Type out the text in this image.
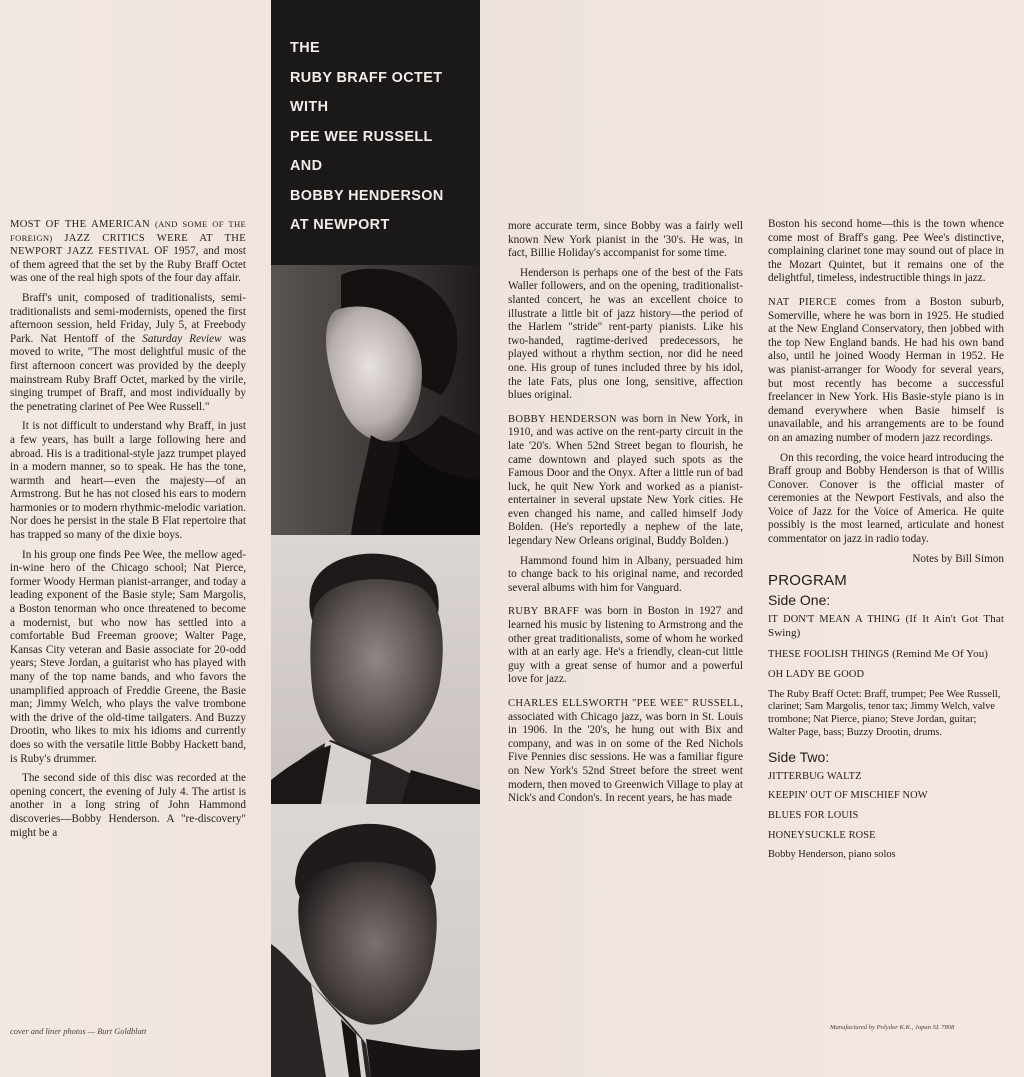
MOST OF THE AMERICAN (AND SOME OF THE FOREIGN) JAZZ CRITICS WERE AT THE NEWPORT JAZZ FESTIVAL OF 1957, and most of them agreed that the set by the Ruby Braff Octet was one of the real high spots of the four day affair.

Braff's unit, composed of traditionalists, semi-traditionalists and semi-modernists, opened the first afternoon session, held Friday, July 5, at Freebody Park. Nat Hentoff of the Saturday Review was moved to write, "The most delightful music of the first afternoon concert was provided by the deeply mainstream Ruby Braff Octet, marked by the virile, singing trumpet of Braff, and most individually by the penetrating clarinet of Pee Wee Russell."

It is not difficult to understand why Braff, in just a few years, has built a large following here and abroad. His is a traditional-style jazz trumpet played in a modern manner, so to speak. He has the tone, warmth and heart—even the majesty—of an Armstrong. But he has not closed his ears to modern harmonies or to modern rhythmic-melodic variation. Nor does he persist in the stale B Flat repertoire that has trapped so many of the dixie boys.

In his group one finds Pee Wee, the mellow aged-in-wine hero of the Chicago school; Nat Pierce, former Woody Herman pianist-arranger, and today a leading exponent of the Basie style; Sam Margolis, a Boston tenorman who once threatened to become a modernist, but who now has settled into a comfortable Bud Freeman groove; Walter Page, Kansas City veteran and Basie associate for 20-odd years; Steve Jordan, a guitarist who has played with many of the top name bands, and who favors the unamplified approach of Freddie Greene, the Basie man; Jimmy Welch, who plays the valve trombone with the drive of the old-time tailgaters. And Buzzy Drootin, who likes to mix his idioms and currently does so with the versatile little Bobby Hackett band, is Ruby's drummer.

The second side of this disc was recorded at the opening concert, the evening of July 4. The artist is another in a long string of John Hammond discoveries—Bobby Henderson. A "re-discovery" might be a

THE
RUBY BRAFF OCTET
WITH
PEE WEE RUSSELL
AND
BOBBY HENDERSON
AT NEWPORT	more accurate term, since Bobby was a fairly well known New York pianist in the '30's. He was, in fact, Billie Holiday's accompanist for some time.

Henderson is perhaps one of the best of the Fats Waller followers, and on the opening, traditionalist-slanted concert, he was an excellent choice to illustrate a little bit of jazz history—the period of the Harlem "stride" rent-party pianists. Like his two-handed, ragtime-derived predecessors, he played without a rhythm section, nor did he need one. His group of tunes included three by his idol, the late Fats, plus one long, sensitive, affection blues original.

BOBBY HENDERSON was born in New York, in 1910, and was active on the rent-party circuit in the late '20's. When 52nd Street began to flourish, he came downtown and played such spots as the Famous Door and the Onyx. After a little run of bad luck, he quit New York and worked as a pianist-entertainer in several upstate New York cities. He even changed his name, and called himself Jody Bolden. (He's reportedly a nephew of the late, legendary New Orleans original, Buddy Bolden.)

Hammond found him in Albany, persuaded him to change back to his original name, and recorded several albums with him for Vanguard.

RUBY BRAFF was born in Boston in 1927 and learned his music by listening to Armstrong and the other great traditionalists, some of whom he worked with at an early age. He's a friendly, clean-cut little guy with a great sense of humor and a powerful love for jazz.

CHARLES ELLSWORTH "PEE WEE" RUSSELL, associated with Chicago jazz, was born in St. Louis in 1906. In the '20's, he hung out with Bix and company, and was in on some of the Red Nichols Five Pennies disc sessions. He was a familiar figure on New York's 52nd Street before the street went modern, then moved to Greenwich Village to play at Nick's and Condon's. In recent years, he has made

Boston his second home—this is the town whence come most of Braff's gang. Pee Wee's distinctive, complaining clarinet tone may sound out of place in the Mozart Quintet, but it remains one of the delightful, timeless, indestructible things in jazz.

NAT PIERCE comes from a Boston suburb, Somerville, where he was born in 1925. He studied at the New England Conservatory, then jobbed with the top New England bands. He had his own band also, until he joined Woody Herman in 1952. He was pianist-arranger for Woody for several years, but most recently has become a successful freelancer in New York. His Basie-style piano is in demand everywhere when Basie himself is unavailable, and his arrangements are to be found on an amazing number of modern jazz recordings.

On this recording, the voice heard introducing the Braff group and Bobby Henderson is that of Willis Conover. Conover is the official master of ceremonies at the Newport Festivals, and also the Voice of Jazz for the Voice of America. He quite possibly is the most learned, articulate and honest commentator on jazz in radio today.

Notes by Bill Simon

PROGRAM
Side One:
IT DON'T MEAN A THING (If It Ain't Got That Swing)
THESE FOOLISH THINGS (Remind Me Of You)
OH LADY BE GOOD
The Ruby Braff Octet: Braff, trumpet; Pee Wee Russell, clarinet; Sam Margolis, tenor tax; Jimmy Welch, valve trombone; Nat Pierce, piano; Steve Jordan, guitar; Walter Page, bass; Buzzy Drootin, drums.
Side Two:
JITTERBUG WALTZ
KEEPIN' OUT OF MISCHIEF NOW
BLUES FOR LOUIS
HONEYSUCKLE ROSE
Bobby Henderson, piano solos
cover and liner photos — Burt Goldblatt	Manufactured by Polydor K.K., Japan SL 7808
